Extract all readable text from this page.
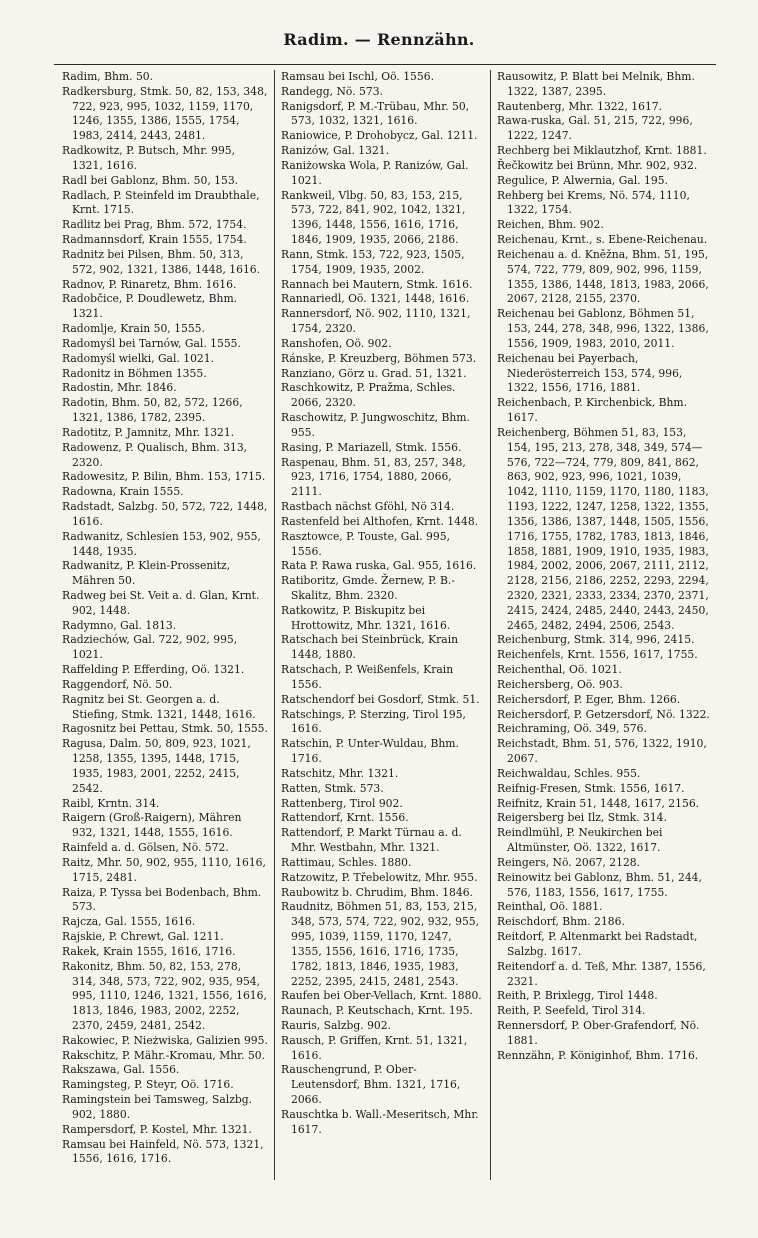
Radim. — Rennzähn.
Radim, Bhm. 50.
Radkersburg, Stmk. 50, 82, 153, 348, 722, 923, 995, 1032, 1159, 1170, 1246, 1355, 1386, 1555, 1754, 1983, 2414, 2443, 2481.
Radkowitz, P. Butsch, Mhr. 995, 1321, 1616.
Radl bei Gablonz, Bhm. 50, 153.
Radlach, P. Steinfeld im Draubthale, Krnt. 1715.
Radlitz bei Prag, Bhm. 572, 1754.
Radmannsdorf, Krain 1555, 1754.
Radnitz bei Pilsen, Bhm. 50, 313, 572, 902, 1321, 1386, 1448, 1616.
Radnov, P. Rinaretz, Bhm. 1616.
Radobčice, P. Doudlewetz, Bhm. 1321.
Radomlje, Krain 50, 1555.
Radomyśl bei Tarnów, Gal. 1555.
Radomyśl wielki, Gal. 1021.
Radonitz in Böhmen 1355.
Radostin, Mhr. 1846.
Radotin, Bhm. 50, 82, 572, 1266, 1321, 1386, 1782, 2395.
Radotitz, P. Jamnitz, Mhr. 1321.
Radowenz, P. Qualisch, Bhm. 313, 2320.
Radowesitz, P. Bilin, Bhm. 153, 1715.
Radowna, Krain 1555.
Radstadt, Salzbg. 50, 572, 722, 1448, 1616.
Radwanitz, Schlesien 153, 902, 955, 1448, 1935.
Radwanitz, P. Klein-Prossenitz, Mähren 50.
Radweg bei St. Veit a. d. Glan, Krnt. 902, 1448.
Radymno, Gal. 1813.
Radziechów, Gal. 722, 902, 995, 1021.
Raffelding P. Efferding, Oö. 1321.
Raggendorf, Nö. 50.
Ragnitz bei St. Georgen a. d. Stiefing, Stmk. 1321, 1448, 1616.
Ragosnitz bei Pettau, Stmk. 50, 1555.
Ragusa, Dalm. 50, 809, 923, 1021, 1258, 1355, 1395, 1448, 1715, 1935, 1983, 2001, 2252, 2415, 2542.
Raibl, Krntn. 314.
Raigern (Groß-Raigern), Mähren 932, 1321, 1448, 1555, 1616.
Rainfeld a. d. Gölsen, Nö. 572.
Raitz, Mhr. 50, 902, 955, 1110, 1616, 1715, 2481.
Raiza, P. Tyssa bei Bodenbach, Bhm. 573.
Rajcza, Gal. 1555, 1616.
Rajskie, P. Chrewt, Gal. 1211.
Rakek, Krain 1555, 1616, 1716.
Rakonitz, Bhm. 50, 82, 153, 278, 314, 348, 573, 722, 902, 935, 954, 995, 1110, 1246, 1321, 1556, 1616, 1813, 1846, 1983, 2002, 2252, 2370, 2459, 2481, 2542.
Rakowiec, P. Nieżwiska, Galizien 995.
Rakschitz, P. Mähr.-Kromau, Mhr. 50.
Rakszawa, Gal. 1556.
Ramingsteg, P. Steyr, Oö. 1716.
Ramingstein bei Tamsweg, Salzbg. 902, 1880.
Rampersdorf, P. Kostel, Mhr. 1321.
Ramsau bei Hainfeld, Nö. 573, 1321, 1556, 1616, 1716.
Ramsau bei Ischl, Oö. 1556.
Randegg, Nö. 573.
Ranigsdorf, P. M.-Trübau, Mhr. 50, 573, 1032, 1321, 1616.
Raniowice, P. Drohobycz, Gal. 1211.
Ranizów, Gal. 1321.
Raniżowska Wola, P. Ranizów, Gal. 1021.
Rankweil, Vlbg. 50, 83, 153, 215, 573, 722, 841, 902, 1042, 1321, 1396, 1448, 1556, 1616, 1716, 1846, 1909, 1935, 2066, 2186.
Rann, Stmk. 153, 722, 923, 1505, 1754, 1909, 1935, 2002.
Rannach bei Mautern, Stmk. 1616.
Rannariedl, Oö. 1321, 1448, 1616.
Rannersdorf, Nö. 902, 1110, 1321, 1754, 2320.
Ranshofen, Oö. 902.
Ránske, P. Kreuzberg, Böhmen 573.
Ranziano, Görz u. Grad. 51, 1321.
Raschkowitz, P. Pražma, Schles. 2066, 2320.
Raschowitz, P. Jungwoschitz, Bhm. 955.
Rasing, P. Mariazell, Stmk. 1556.
Raspenau, Bhm. 51, 83, 257, 348, 923, 1716, 1754, 1880, 2066, 2111.
Rastbach nächst Gföhl, Nö 314.
Rastenfeld bei Althofen, Krnt. 1448.
Rasztowce, P. Touste, Gal. 995, 1556.
Rata P. Rawa ruska, Gal. 955, 1616.
Ratiboritz, Gmde. Žernew, P. B.-Skalitz, Bhm. 2320.
Ratkowitz, P. Biskupitz bei Hrottowitz, Mhr. 1321, 1616.
Ratschach bei Steinbrück, Krain 1448, 1880.
Ratschach, P. Weißenfels, Krain 1556.
Ratschendorf bei Gosdorf, Stmk. 51.
Ratschings, P. Sterzing, Tirol 195, 1616.
Ratschin, P. Unter-Wuldau, Bhm. 1716.
Ratschitz, Mhr. 1321.
Ratten, Stmk. 573.
Rattenberg, Tirol 902.
Rattendorf, Krnt. 1556.
Rattendorf, P. Markt Türnau a. d. Mhr. Westbahn, Mhr. 1321.
Rattimau, Schles. 1880.
Ratzowitz, P. Třebelowitz, Mhr. 955.
Raubowitz b. Chrudim, Bhm. 1846.
Raudnitz, Böhmen 51, 83, 153, 215, 348, 573, 574, 722, 902, 932, 955, 995, 1039, 1159, 1170, 1247, 1355, 1556, 1616, 1716, 1735, 1782, 1813, 1846, 1935, 1983, 2252, 2395, 2415, 2481, 2543.
Raufen bei Ober-Vellach, Krnt. 1880.
Raunach, P. Keutschach, Krnt. 195.
Rauris, Salzbg. 902.
Rausch, P. Griffen, Krnt. 51, 1321, 1616.
Rauschengrund, P. Ober-Leutensdorf, Bhm. 1321, 1716, 2066.
Rauschtka b. Wall.-Meseritsch, Mhr. 1617.
Rausowitz, P. Blatt bei Melnik, Bhm. 1322, 1387, 2395.
Rautenberg, Mhr. 1322, 1617.
Rawa-ruska, Gal. 51, 215, 722, 996, 1222, 1247.
Rechberg bei Miklautzhof, Krnt. 1881.
Řečkowitz bei Brünn, Mhr. 902, 932.
Regulice, P. Alwernia, Gal. 195.
Rehberg bei Krems, Nö. 574, 1110, 1322, 1754.
Reichen, Bhm. 902.
Reichenau, Krnt., s. Ebene-Reichenau.
Reichenau a. d. Kněžna, Bhm. 51, 195, 574, 722, 779, 809, 902, 996, 1159, 1355, 1386, 1448, 1813, 1983, 2066, 2067, 2128, 2155, 2370.
Reichenau bei Gablonz, Böhmen 51, 153, 244, 278, 348, 996, 1322, 1386, 1556, 1909, 1983, 2010, 2011.
Reichenau bei Payerbach, Niederösterreich 153, 574, 996, 1322, 1556, 1716, 1881.
Reichenbach, P. Kirchenbick, Bhm. 1617.
Reichenberg, Böhmen 51, 83, 153, 154, 195, 213, 278, 348, 349, 574—576, 722—724, 779, 809, 841, 862, 863, 902, 923, 996, 1021, 1039, 1042, 1110, 1159, 1170, 1180, 1183, 1193, 1222, 1247, 1258, 1322, 1355, 1356, 1386, 1387, 1448, 1505, 1556, 1716, 1755, 1782, 1783, 1813, 1846, 1858, 1881, 1909, 1910, 1935, 1983, 1984, 2002, 2006, 2067, 2111, 2112, 2128, 2156, 2186, 2252, 2293, 2294, 2320, 2321, 2333, 2334, 2370, 2371, 2415, 2424, 2485, 2440, 2443, 2450, 2465, 2482, 2494, 2506, 2543.
Reichenburg, Stmk. 314, 996, 2415.
Reichenfels, Krnt. 1556, 1617, 1755.
Reichenthal, Oö. 1021.
Reichersberg, Oö. 903.
Reichersdorf, P. Eger, Bhm. 1266.
Reichersdorf, P. Getzersdorf, Nö. 1322.
Reichraming, Oö. 349, 576.
Reichstadt, Bhm. 51, 576, 1322, 1910, 2067.
Reichwaldau, Schles. 955.
Reifnig-Fresen, Stmk. 1556, 1617.
Reifnitz, Krain 51, 1448, 1617, 2156.
Reigersberg bei Ilz, Stmk. 314.
Reindlmühl, P. Neukirchen bei Altmünster, Oö. 1322, 1617.
Reingers, Nö. 2067, 2128.
Reinowitz bei Gablonz, Bhm. 51, 244, 576, 1183, 1556, 1617, 1755.
Reinthal, Oö. 1881.
Reischdorf, Bhm. 2186.
Reitdorf, P. Altenmarkt bei Radstadt, Salzbg. 1617.
Reitendorf a. d. Teß, Mhr. 1387, 1556, 2321.
Reith, P. Brixlegg, Tirol 1448.
Reith, P. Seefeld, Tirol 314.
Rennersdorf, P. Ober-Grafendorf, Nö. 1881.
Rennzähn, P. Königinhof, Bhm. 1716.
